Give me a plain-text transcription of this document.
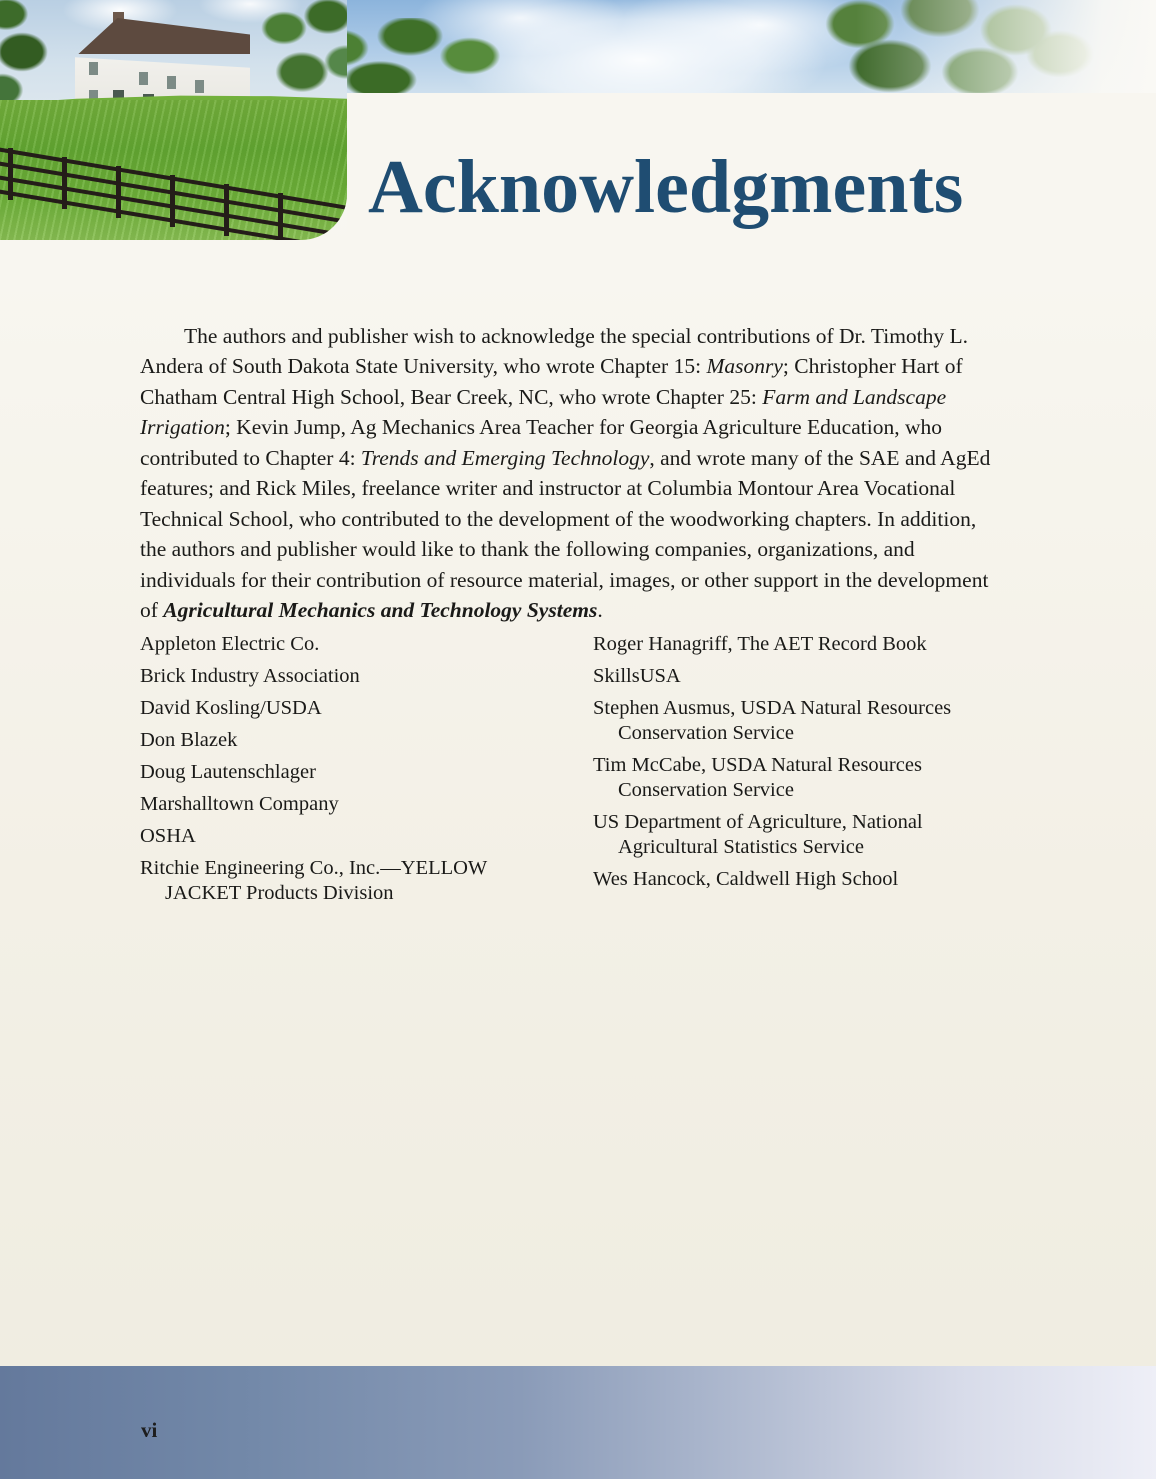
Acknowledgments

The authors and publisher wish to acknowledge the special contributions of Dr. Timothy L. Andera of South Dakota State University, who wrote Chapter 15: Masonry; Christopher Hart of Chatham Central High School, Bear Creek, NC, who wrote Chapter 25: Farm and Landscape Irrigation; Kevin Jump, Ag Mechanics Area Teacher for Georgia Agriculture Education, who contributed to Chapter 4: Trends and Emerging Technology, and wrote many of the SAE and AgEd features; and Rick Miles, freelance writer and instructor at Columbia Montour Area Vocational Technical School, who contributed to the development of the woodworking chapters. In addition, the authors and publisher would like to thank the following companies, organizations, and individuals for their contribution of resource material, images, or other support in the development of Agricultural Mechanics and Technology Systems.

Appleton Electric Co.
Brick Industry Association
David Kosling/USDA
Don Blazek
Doug Lautenschlager
Marshalltown Company
OSHA
Ritchie Engineering Co., Inc.—YELLOW JACKET Products Division
Roger Hanagriff, The AET Record Book
SkillsUSA
Stephen Ausmus, USDA Natural Resources Conservation Service
Tim McCabe, USDA Natural Resources Conservation Service
US Department of Agriculture, National Agricultural Statistics Service
Wes Hancock, Caldwell High School
vi
